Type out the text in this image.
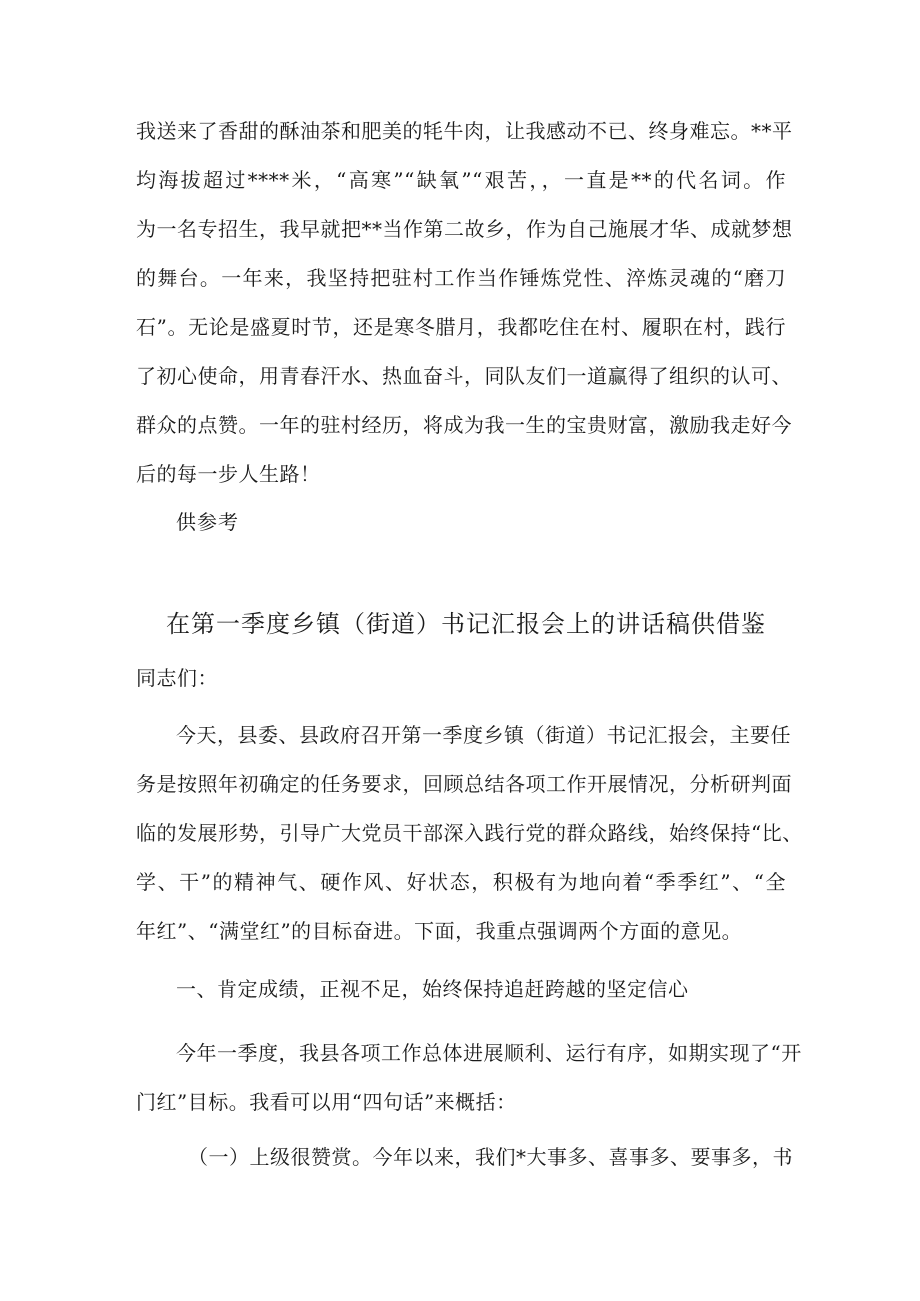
我送来了香甜的酥油茶和肥美的牦牛肉，让我感动不已、终身难忘。**平
均海拔超过****米，“高寒”“缺氧”“艰苦，，一直是**的代名词。作
为一名专招生，我早就把**当作第二故乡，作为自己施展才华、成就梦想
的舞台。一年来，我坚持把驻村工作当作锤炼党性、淬炼灵魂的“磨刀
石”。无论是盛夏时节，还是寒冬腊月，我都吃住在村、履职在村，践行
了初心使命，用青春汗水、热血奋斗，同队友们一道赢得了组织的认可、
群众的点赞。一年的驻村经历，将成为我一生的宝贵财富，激励我走好今
后的每一步人生路！
供参考
在第一季度乡镇（街道）书记汇报会上的讲话稿供借鉴
同志们：
今天，县委、县政府召开第一季度乡镇（街道）书记汇报会，主要任
务是按照年初确定的任务要求，回顾总结各项工作开展情况，分析研判面
临的发展形势，引导广大党员干部深入践行党的群众路线，始终保持“比、
学、干”的精神气、硬作风、好状态，积极有为地向着“季季红”、“全
年红”、“满堂红”的目标奋进。下面，我重点强调两个方面的意见。
一、肯定成绩，正视不足，始终保持追赶跨越的坚定信心
今年一季度，我县各项工作总体进展顺利、运行有序，如期实现了“开
门红”目标。我看可以用“四句话”来概括：
（一）上级很赞赏。今年以来，我们*大事多、喜事多、要事多，书
